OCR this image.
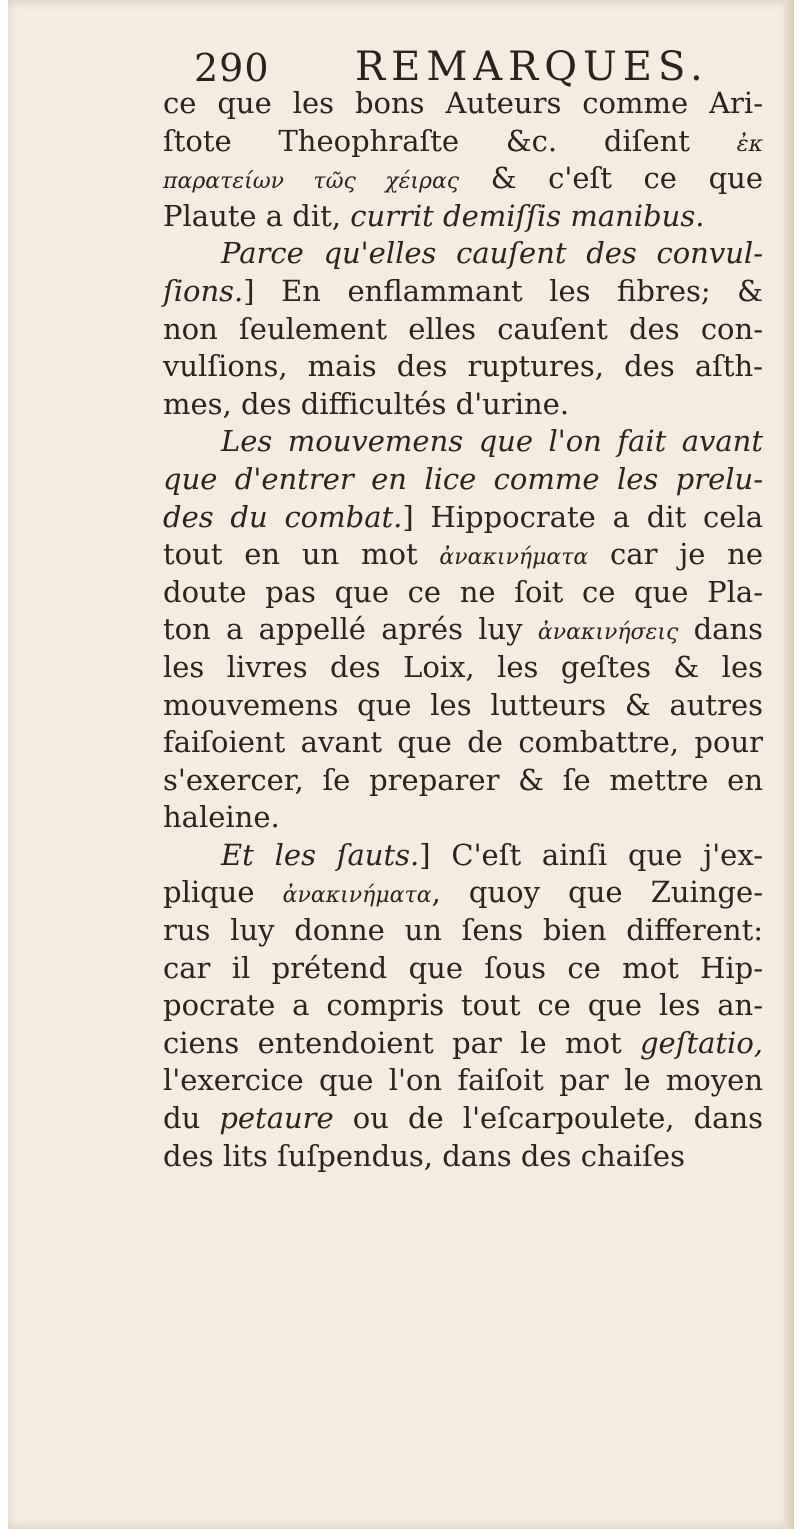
290 REMARQUES.
ce que les bons Auteurs comme Ari-
ſtote Theophraſte &c. diſent ἐκ
παρατείων τῶς χέιρας & c'eſt ce que
Plaute a dit, currit demiſſis manibus.
Parce qu'elles cauſent des convul-
ſions.] En enflammant les fibres; &
non ſeulement elles cauſent des con-
vulſions, mais des ruptures, des aſth-
mes, des difficultés d'urine.
Les mouvemens que l'on fait avant
que d'entrer en lice comme les prelu-
des du combat.] Hippocrate a dit cela
tout en un mot ἀνακινήματα car je ne
doute pas que ce ne ſoit ce que Pla-
ton a appellé aprés luy ἀνακινήσεις dans
les livres des Loix, les geſtes & les
mouvemens que les lutteurs & autres
faiſoient avant que de combattre, pour
s'exercer, ſe preparer & ſe mettre en
haleine.
Et les ſauts.] C'eſt ainſi que j'ex-
plique ἀνακινήματα, quoy que Zuinge-
rus luy donne un ſens bien different:
car il prétend que ſous ce mot Hip-
pocrate a compris tout ce que les an-
ciens entendoient par le mot geſtatio,
l'exercice que l'on faiſoit par le moyen
du petaure ou de l'eſcarpoulete, dans
des lits ſuſpendus, dans des chaiſes
